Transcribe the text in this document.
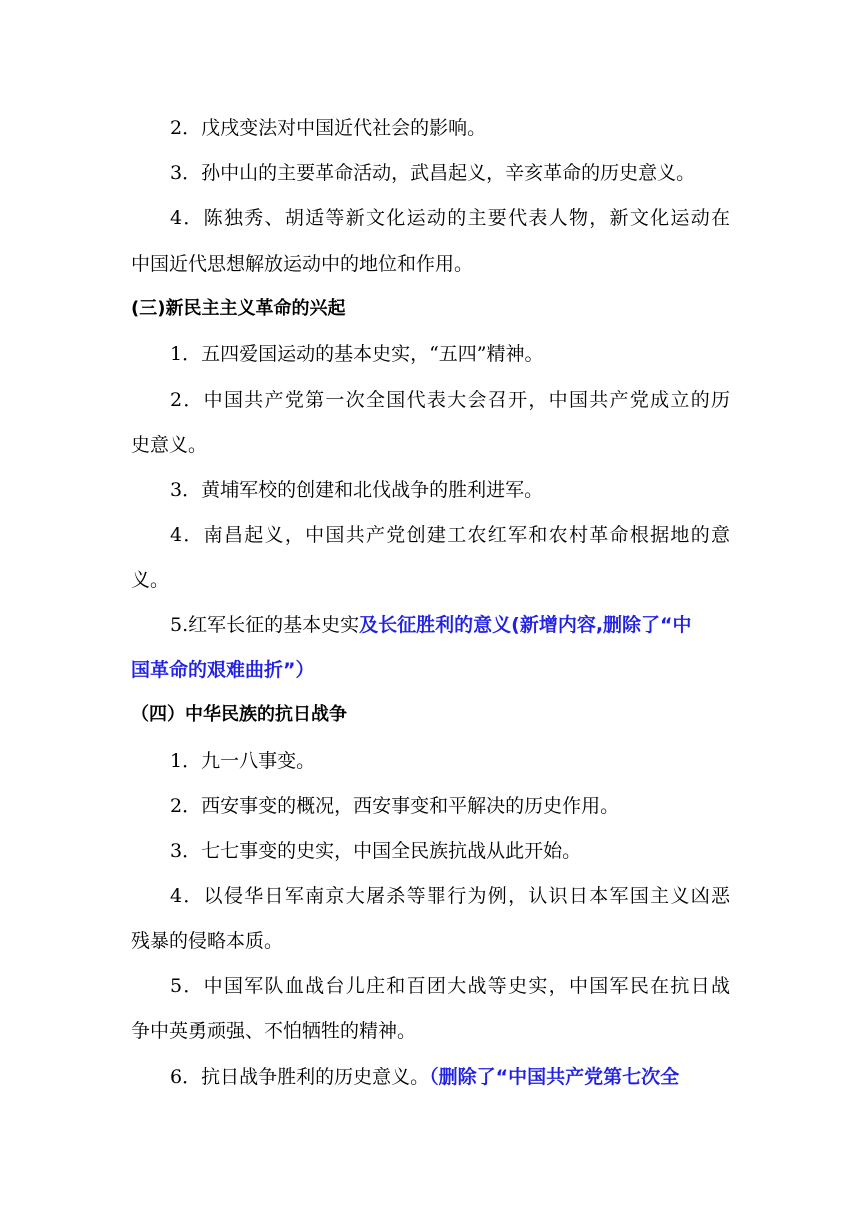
2．戊戌变法对中国近代社会的影响。
3．孙中山的主要革命活动，武昌起义，辛亥革命的历史意义。
4．陈独秀、胡适等新文化运动的主要代表人物，新文化运动在
中国近代思想解放运动中的地位和作用。
(三)新民主主义革命的兴起
1．五四爱国运动的基本史实，“五四”精神。
2．中国共产党第一次全国代表大会召开，中国共产党成立的历
史意义。
3．黄埔军校的创建和北伐战争的胜利进军。
4．南昌起义，中国共产党创建工农红军和农村革命根据地的意
义。
5.红军长征的基本史实及长征胜利的意义(新增内容,删除了“中
国革命的艰难曲折”）
（四）中华民族的抗日战争
1．九一八事变。
2．西安事变的概况，西安事变和平解决的历史作用。
3．七七事变的史实，中国全民族抗战从此开始。
4．以侵华日军南京大屠杀等罪行为例，认识日本军国主义凶恶
残暴的侵略本质。
5．中国军队血战台儿庄和百团大战等史实，中国军民在抗日战
争中英勇顽强、不怕牺牲的精神。
6．抗日战争胜利的历史意义。（删除了“中国共产党第七次全
